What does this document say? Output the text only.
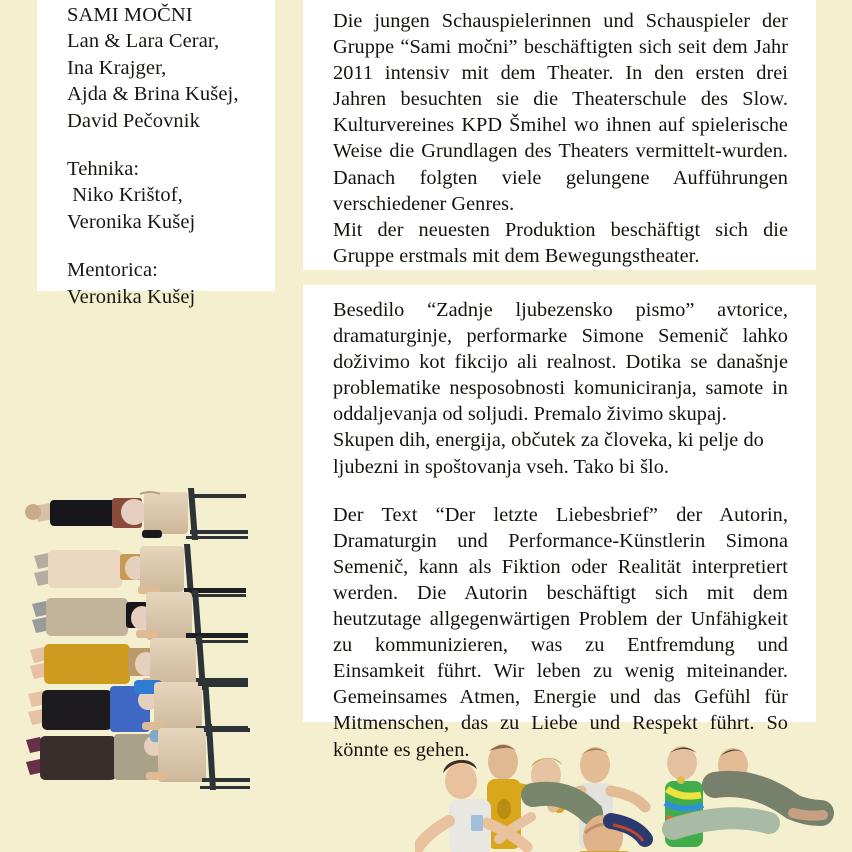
SAMI MOČNI
Lan & Lara Cerar,
Ina Krajger,
Ajda & Brina Kušej,
David Pečovnik
Tehnika:
Niko Krištof,
Veronika Kušej
Mentorica:
Veronika Kušej

Die jungen Schauspielerinnen und Schauspieler der Gruppe “Sami močni” beschäftigten sich seit dem Jahr 2011 intensiv mit dem Theater. In den ersten drei Jahren besuchten sie die Theaterschule des Slow. Kulturvereines KPD Šmihel wo ihnen auf spielerische Weise die Grundlagen des Theaters vermittelt-wurden. Danach folgten viele gelungene Aufführungen verschiedener Genres.

Mit der neuesten Produktion beschäftigt sich die Gruppe erstmals mit dem Bewegungstheater.

Besedilo “Zadnje ljubezensko pismo” avtorice, dramaturginje, performarke Simone Semenič lahko doživimo kot fikcijo ali realnost. Dotika se današnje problematike nesposobnosti komuniciranja, samote in oddaljevanja od soljudi. Premalo živimo skupaj.

Skupen dih, energija, občutek za človeka, ki pelje do ljubezni in spoštovanja vseh. Tako bi šlo.

Der Text “Der letzte Liebesbrief” der Autorin, Dramaturgin und Performance-Künstlerin Simona Semenič, kann als Fiktion oder Realität interpretiert werden. Die Autorin beschäftigt sich mit dem heutzutage allgegenwärtigen Problem der Unfähigkeit zu kommunizieren, was zu Entfremdung und Einsamkeit führt. Wir leben zu wenig miteinander. Gemeinsames Atmen, Energie und das Gefühl für Mitmenschen, das zu Liebe und Respekt führt. So könnte es gehen.
